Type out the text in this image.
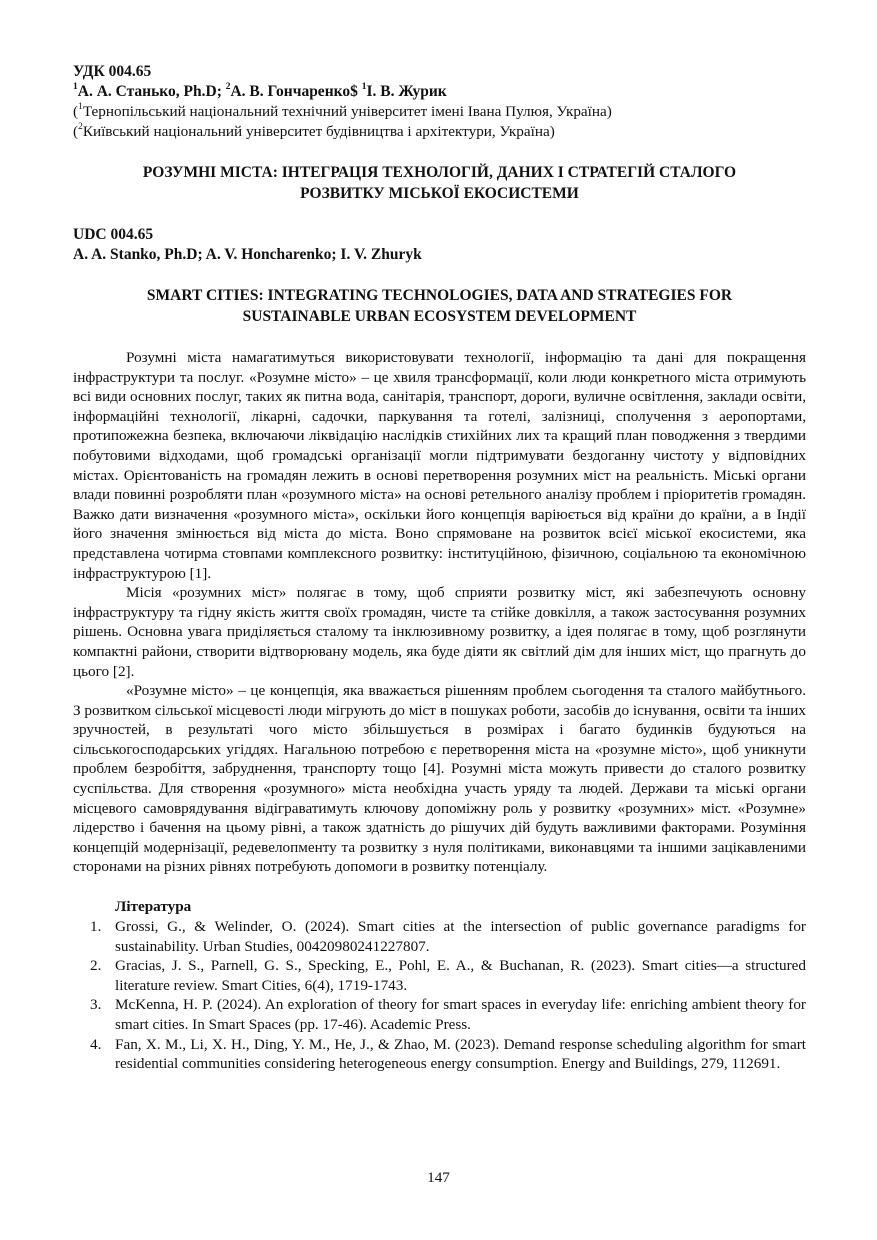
УДК 004.65

$^1$А. А. Станько, Ph.D; $^2$А. В. Гончаренко$ $^1$І. В. Журик

($^1$Тернопільський національний технічний університет імені Івана Пулюя, Україна)

($^2$Київський національний університет будівництва і архітектури, Україна)

РОЗУМНІ МІСТА: ІНТЕГРАЦІЯ ТЕХНОЛОГІЙ, ДАНИХ І СТРАТЕГІЙ СТАЛОГО

РОЗВИТКУ МІСЬКОЇ ЕКОСИСТЕМИ

UDC 004.65

A. A. Stanko, Ph.D; A. V. Honcharenko; I. V. Zhuryk

SMART CITIES: INTEGRATING TECHNOLOGIES, DATA AND STRATEGIES FOR

SUSTAINABLE URBAN ECOSYSTEM DEVELOPMENT

Розумні міста намагатимуться використовувати технології, інформацію та дані для покращення інфраструктури та послуг. «Розумне місто» – це хвиля трансформації, коли люди конкретного міста отримують всі види основних послуг, таких як питна вода, санітарія, транспорт, дороги, вуличне освітлення, заклади освіти, інформаційні технології, лікарні, садочки, паркування та готелі, залізниці, сполучення з аеропортами, протипожежна безпека, включаючи ліквідацію наслідків стихійних лих та кращий план поводження з твердими побутовими відходами, щоб громадські організації могли підтримувати бездоганну чистоту у відповідних містах. Орієнтованість на громадян лежить в основі перетворення розумних міст на реальність. Міські органи влади повинні розробляти план «розумного міста» на основі ретельного аналізу проблем і пріоритетів громадян. Важко дати визначення «розумного міста», оскільки його концепція варіюється від країни до країни, а в Індії його значення змінюється від міста до міста. Воно спрямоване на розвиток всієї міської екосистеми, яка представлена чотирма стовпами комплексного розвитку: інституційною, фізичною, соціальною та економічною інфраструктурою [1].

Місія «розумних міст» полягає в тому, щоб сприяти розвитку міст, які забезпечують основну інфраструктуру та гідну якість життя своїх громадян, чисте та стійке довкілля, а також застосування розумних рішень. Основна увага приділяється сталому та інклюзивному розвитку, а ідея полягає в тому, щоб розглянути компактні райони, створити відтворювану модель, яка буде діяти як світлий дім для інших міст, що прагнуть до цього [2].

«Розумне місто» – це концепція, яка вважається рішенням проблем сьогодення та сталого майбутнього. З розвитком сільської місцевості люди мігрують до міст в пошуках роботи, засобів до існування, освіти та інших зручностей, в результаті чого місто збільшується в розмірах і багато будинків будуються на сільськогосподарських угіддях. Нагальною потребою є перетворення міста на «розумне місто», щоб уникнути проблем безробіття, забруднення, транспорту тощо [4]. Розумні міста можуть привести до сталого розвитку суспільства. Для створення «розумного» міста необхідна участь уряду та людей. Держави та міські органи місцевого самоврядування відіграватимуть ключову допоміжну роль у розвитку «розумних» міст. «Розумне» лідерство і бачення на цьому рівні, а також здатність до рішучих дій будуть важливими факторами. Розуміння концепцій модернізації, редевелопменту та розвитку з нуля політиками, виконавцями та іншими зацікавленими сторонами на різних рівнях потребують допомоги в розвитку потенціалу.

Література

1. Grossi, G., & Welinder, O. (2024). Smart cities at the intersection of public governance paradigms for sustainability. Urban Studies, 00420980241227807.
2. Gracias, J. S., Parnell, G. S., Specking, E., Pohl, E. A., & Buchanan, R. (2023). Smart cities—a structured literature review. Smart Cities, 6(4), 1719-1743.
3. McKenna, H. P. (2024). An exploration of theory for smart spaces in everyday life: enriching ambient theory for smart cities. In Smart Spaces (pp. 17-46). Academic Press.
4. Fan, X. M., Li, X. H., Ding, Y. M., He, J., & Zhao, M. (2023). Demand response scheduling algorithm for smart residential communities considering heterogeneous energy consumption. Energy and Buildings, 279, 112691.
147
